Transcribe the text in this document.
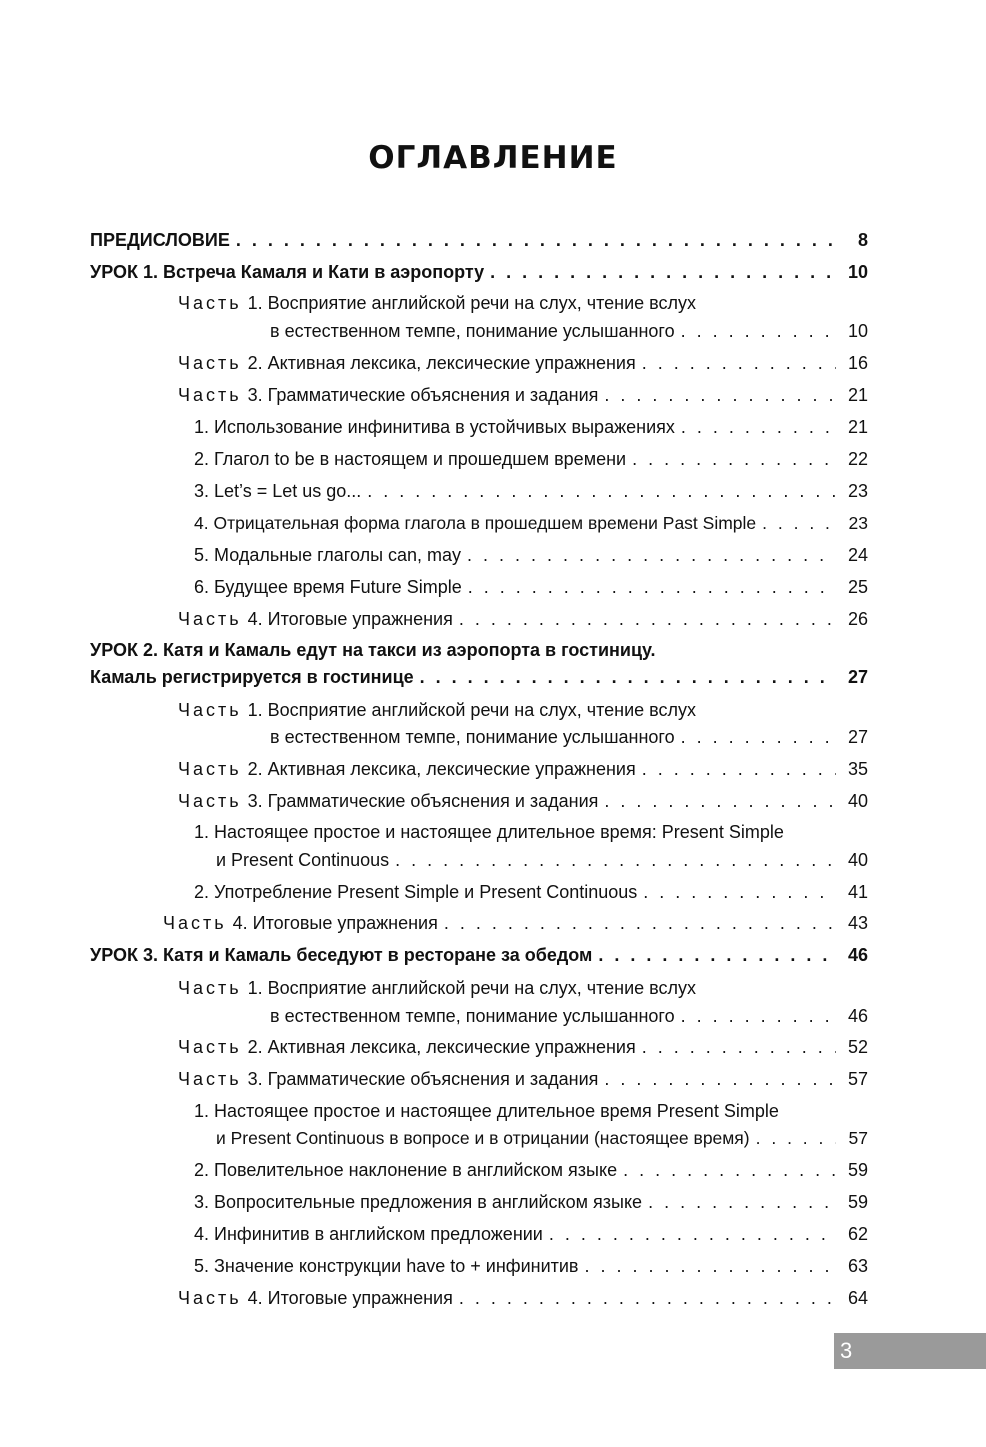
ОГЛАВЛЕНИЕ
ПРЕДИСЛОВИЕ . . .	8
УРОК 1. Встреча Камаля и Кати в аэропорту . . .	10
Часть 1. Восприятие английской речи на слух, чтение вслух
в естественном темпе, понимание услышанного . . .	10
Часть 2. Активная лексика, лексические упражнения . . .	16
Часть 3. Грамматические объяснения и задания . . .	21
1. Использование инфинитива в устойчивых выражениях . . .	21
2. Глагол to be в настоящем и прошедшем времени . . .	22
3. Let’s = Let us go... . . .	23
4. Отрицательная форма глагола в прошедшем времени Past Simple . . .	23
5. Модальные глаголы can, may . . .	24
6. Будущее время Future Simple . . .	25
Часть 4. Итоговые упражнения . . .	26
УРОК 2. Катя и Камаль едут на такси из аэропорта в гостиницу.
Камаль регистрируется в гостинице . . .	27
Часть 1. Восприятие английской речи на слух, чтение вслух
в естественном темпе, понимание услышанного . . .	27
Часть 2. Активная лексика, лексические упражнения . . .	35
Часть 3. Грамматические объяснения и задания . . .	40
1. Настоящее простое и настоящее длительное время: Present Simple
и Present Continuous . . .	40
2. Употребление Present Simple и Present Continuous . . .	41
Часть 4. Итоговые упражнения . . .	43
УРОК 3. Катя и Камаль беседуют в ресторане за обедом . . .	46
Часть 1. Восприятие английской речи на слух, чтение вслух
в естественном темпе, понимание услышанного . . .	46
Часть 2. Активная лексика, лексические упражнения . . .	52
Часть 3. Грамматические объяснения и задания . . .	57
1. Настоящее простое и настоящее длительное время Present Simple
и Present Continuous в вопросе и в отрицании (настоящее время) . . .	57
2. Повелительное наклонение в английском языке . . .	59
3. Вопросительные предложения в английском языке . . .	59
4. Инфинитив в английском предложении . . .	62
5. Значение конструкции have to + инфинитив . . .	63
Часть 4. Итоговые упражнения . . .	64
3
